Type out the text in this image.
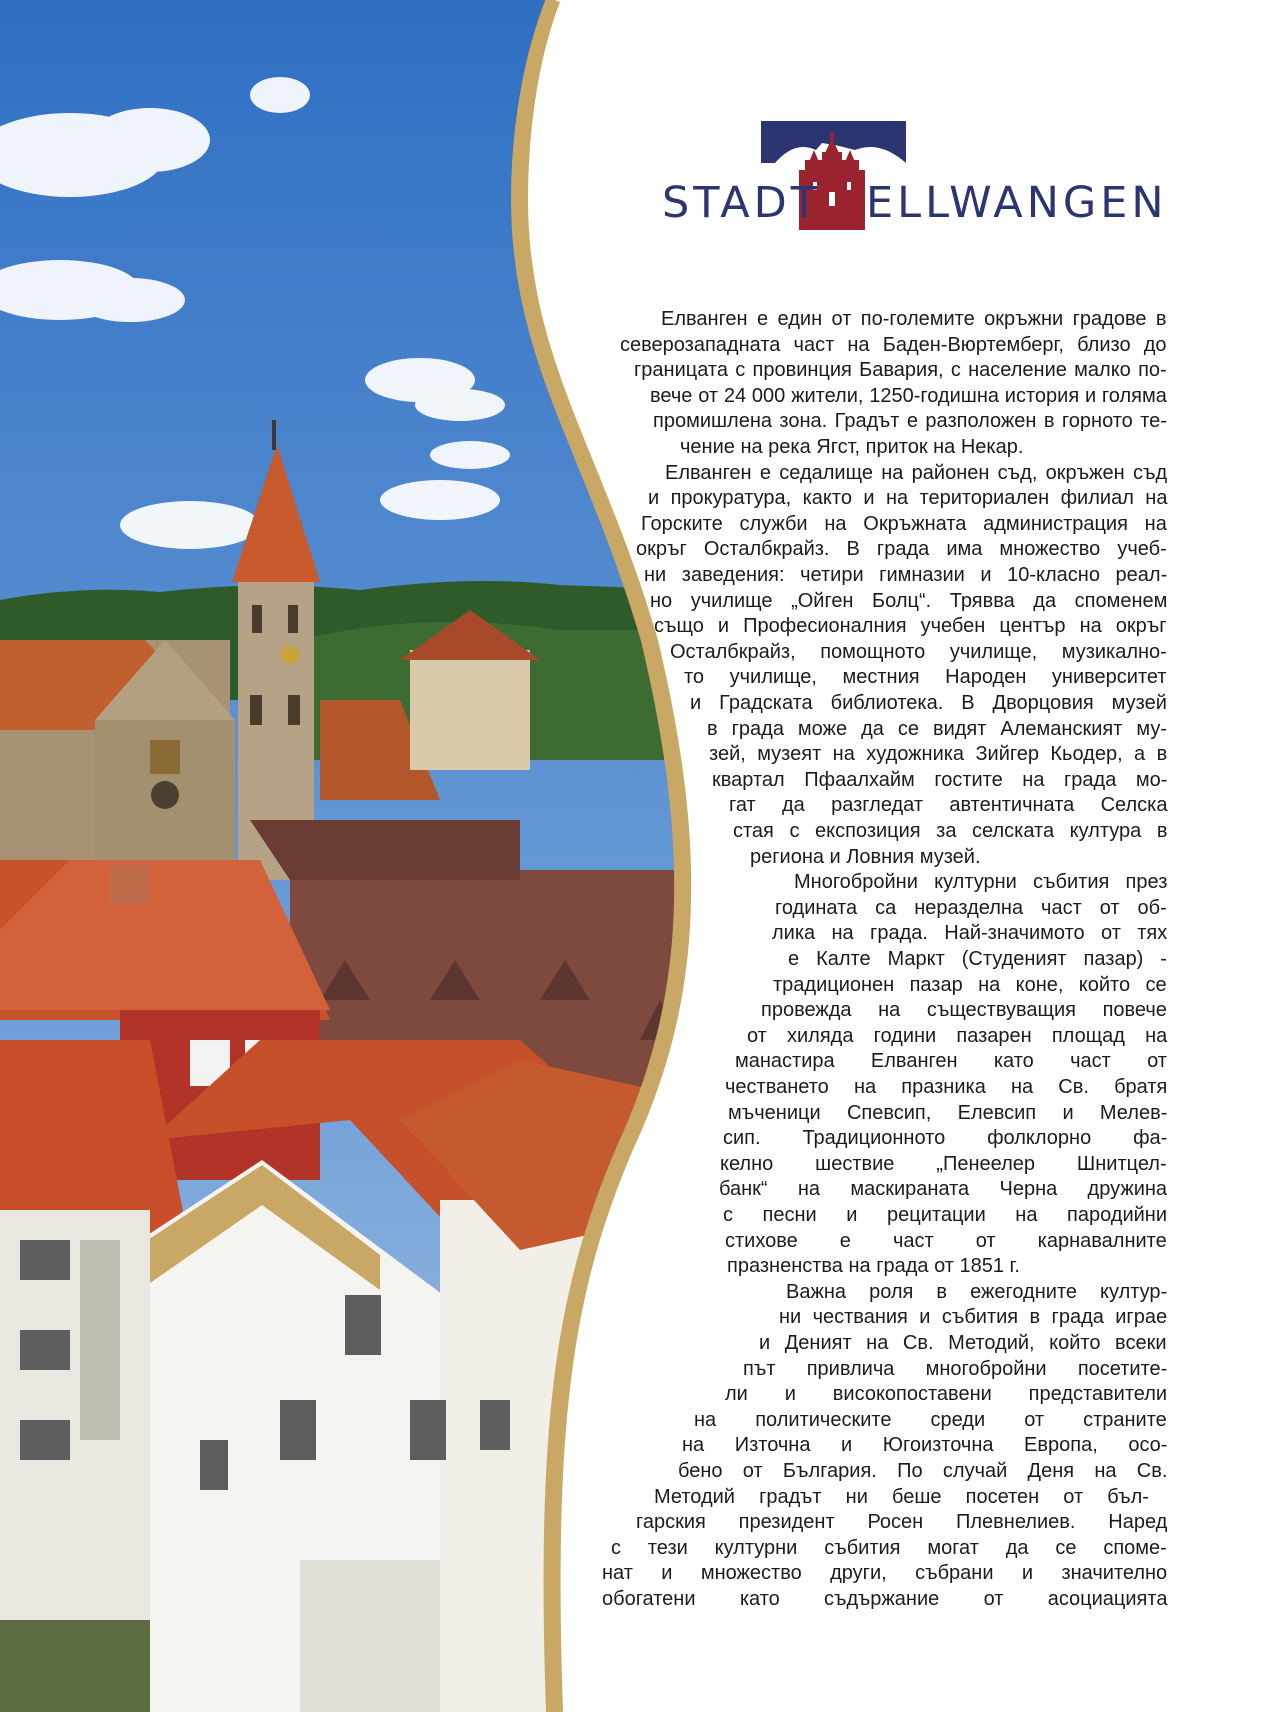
STADT ELLWANGEN
Елванген е един от по-големите окръжни градове в
северозападната част на Баден-Вюртемберг, близо до
границата с провинция Бавария, с население малко по-
вече от 24 000 жители, 1250-годишна история и голяма
промишлена зона. Градът е разположен в горното те-
чение на река Ягст, приток на Некар.
Елванген е седалище на районен съд, окръжен съд
и прокуратура, както и на териториален филиал на
Горските служби на Окръжната администрация на
окръг Осталбкрайз. В града има множество учеб-
ни заведения: четири гимназии и 10-класно реал-
но училище „Ойген Болц“. Трявва да споменем
също и Професионалния учебен център на окръг
Осталбкрайз, помощното училище, музикално-
то училище, местния Народен университет
и Градската библиотека. В Дворцовия музей
в града може да се видят Алеманският му-
зей, музеят на художника Зийгер Кьодер, а в
квартал Пфаалхайм гостите на града мо-
гат да разгледат автентичната Селска
стая с експозиция за селската култура в
региона и Ловния музей.
Многобройни културни събития през
годината са неразделна част от об-
лика на града. Най-значимото от тях
е Калте Маркт (Студеният пазар) -
традиционен пазар на коне, който се
провежда на съществуващия повече
от хиляда години пазарен площад на
манастира Елванген като част от
честването на празника на Св. братя
мъченици Спевсип, Елевсип и Мелев-
сип. Традиционното фолклорно фа-
келно шествие „Пенеелер Шнитцел-
банк“ на маскираната Черна дружина
с песни и рецитации на пародийни
стихове е част от карнавалните
празненства на града от 1851 г.
Важна роля в ежегодните култур-
ни чествания и събития в града играе
и Деният на Св. Методий, който всеки
път привлича многобройни посетите-
ли и високопоставени представители
на политическите среди от страните
на Източна и Югоизточна Европа, осо-
бено от България. По случай Деня на Св.
Методий градът ни беше посетен от бъл-
гарския президент Росен Плевнелиев. Наред
с тези културни събития могат да се спомe-
нат и множество други, събрани и значително
обогатени като съдържание от асоциацията
